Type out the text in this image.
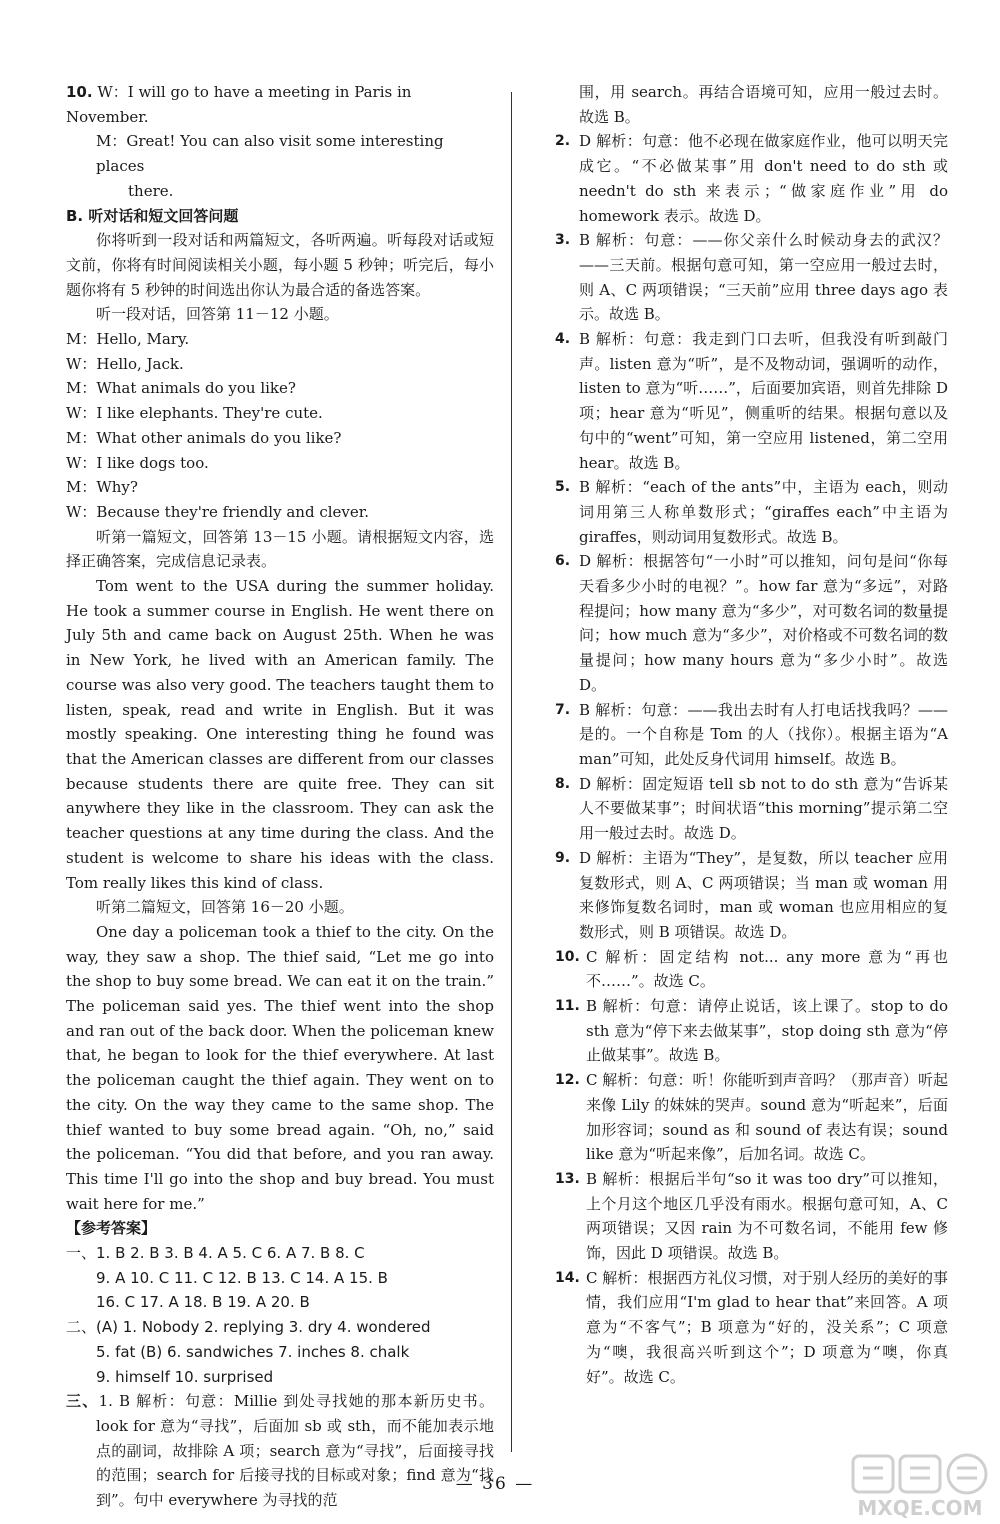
10. W：I will go to have a meeting in Paris in November.
M：Great! You can also visit some interesting places
there.
B. 听对话和短文回答问题
你将听到一段对话和两篇短文，各听两遍。听每段对话或短文前，你将有时间阅读相关小题，每小题 5 秒钟；听完后，每小题你将有 5 秒钟的时间选出你认为最合适的备选答案。
听一段对话，回答第 11－12 小题。
M：Hello, Mary.
W：Hello, Jack.
M：What animals do you like?
W：I like elephants. They're cute.
M：What other animals do you like?
W：I like dogs too.
M：Why?
W：Because they're friendly and clever.
听第一篇短文，回答第 13－15 小题。请根据短文内容，选择正确答案，完成信息记录表。
Tom went to the USA during the summer holiday. He took a summer course in English. He went there on July 5th and came back on August 25th. When he was in New York, he lived with an American family. The course was also very good. The teachers taught them to listen, speak, read and write in English. But it was mostly speaking. One interesting thing he found was that the American classes are different from our classes because students there are quite free. They can sit anywhere they like in the classroom. They can ask the teacher questions at any time during the class. And the student is welcome to share his ideas with the class. Tom really likes this kind of class.
听第二篇短文，回答第 16－20 小题。
One day a policeman took a thief to the city. On the way, they saw a shop. The thief said, “Let me go into the shop to buy some bread. We can eat it on the train.” The policeman said yes. The thief went into the shop and ran out of the back door. When the policeman knew that, he began to look for the thief everywhere. At last the policeman caught the thief again. They went on to the city. On the way they came to the same shop. The thief wanted to buy some bread again. “Oh, no,” said the policeman. “You did that before, and you ran away. This time I'll go into the shop and buy bread. You must wait here for me.”
【参考答案】
一、1. B 2. B 3. B 4. A 5. C 6. A 7. B 8. C
9. A 10. C 11. C 12. B 13. C 14. A 15. B
16. C 17. A 18. B 19. A 20. B
二、(A) 1. Nobody 2. replying 3. dry 4. wondered
5. fat (B) 6. sandwiches 7. inches 8. chalk
9. himself 10. surprised
三、1. B 解析：句意：Millie 到处寻找她的那本新历史书。look for 意为“寻找”，后面加 sb 或 sth，而不能加表示地点的副词，故排除 A 项；search 意为“寻找”，后面接寻找的范围；search for 后接寻找的目标或对象；find 意为“找到”。句中 everywhere 为寻找的范
围，用 search。再结合语境可知，应用一般过去时。故选 B。
2. D 解析：句意：他不必现在做家庭作业，他可以明天完成它。“不必做某事”用 don't need to do sth 或 needn't do sth 来表示；“做家庭作业”用 do homework 表示。故选 D。
3. B 解析：句意：——你父亲什么时候动身去的武汉？——三天前。根据句意可知，第一空应用一般过去时，则 A、C 两项错误；“三天前”应用 three days ago 表示。故选 B。
4. B 解析：句意：我走到门口去听，但我没有听到敲门声。listen 意为“听”，是不及物动词，强调听的动作，listen to 意为“听……”，后面要加宾语，则首先排除 D 项；hear 意为“听见”，侧重听的结果。根据句意以及句中的“went”可知，第一空应用 listened，第二空用 hear。故选 B。
5. B 解析：“each of the ants”中，主语为 each，则动词用第三人称单数形式；“giraffes each”中主语为 giraffes，则动词用复数形式。故选 B。
6. D 解析：根据答句“一小时”可以推知，问句是问“你每天看多少小时的电视？”。how far 意为“多远”，对路程提问；how many 意为“多少”，对可数名词的数量提问；how much 意为“多少”，对价格或不可数名词的数量提问；how many hours 意为“多少小时”。故选 D。
7. B 解析：句意：——我出去时有人打电话找我吗？——是的。一个自称是 Tom 的人（找你）。根据主语为“A man”可知，此处反身代词用 himself。故选 B。
8. D 解析：固定短语 tell sb not to do sth 意为“告诉某人不要做某事”；时间状语“this morning”提示第二空用一般过去时。故选 D。
9. D 解析：主语为“They”，是复数，所以 teacher 应用复数形式，则 A、C 两项错误；当 man 或 woman 用来修饰复数名词时，man 或 woman 也应用相应的复数形式，则 B 项错误。故选 D。
10. C 解析：固定结构 not... any more 意为“再也不……”。故选 C。
11. B 解析：句意：请停止说话，该上课了。stop to do sth 意为“停下来去做某事”，stop doing sth 意为“停止做某事”。故选 B。
12. C 解析：句意：听！你能听到声音吗？（那声音）听起来像 Lily 的妹妹的哭声。sound 意为“听起来”，后面加形容词；sound as 和 sound of 表达有误；sound like 意为“听起来像”，后加名词。故选 C。
13. B 解析：根据后半句“so it was too dry”可以推知，上个月这个地区几乎没有雨水。根据句意可知，A、C 两项错误；又因 rain 为不可数名词，不能用 few 修饰，因此 D 项错误。故选 B。
14. C 解析：根据西方礼仪习惯，对于别人经历的美好的事情，我们应用“I'm glad to hear that”来回答。A 项意为“不客气”；B 项意为“好的，没关系”；C 项意为“噢，我很高兴听到这个”；D 项意为“噢，你真好”。故选 C。
— 36 —
MXQE.COM
